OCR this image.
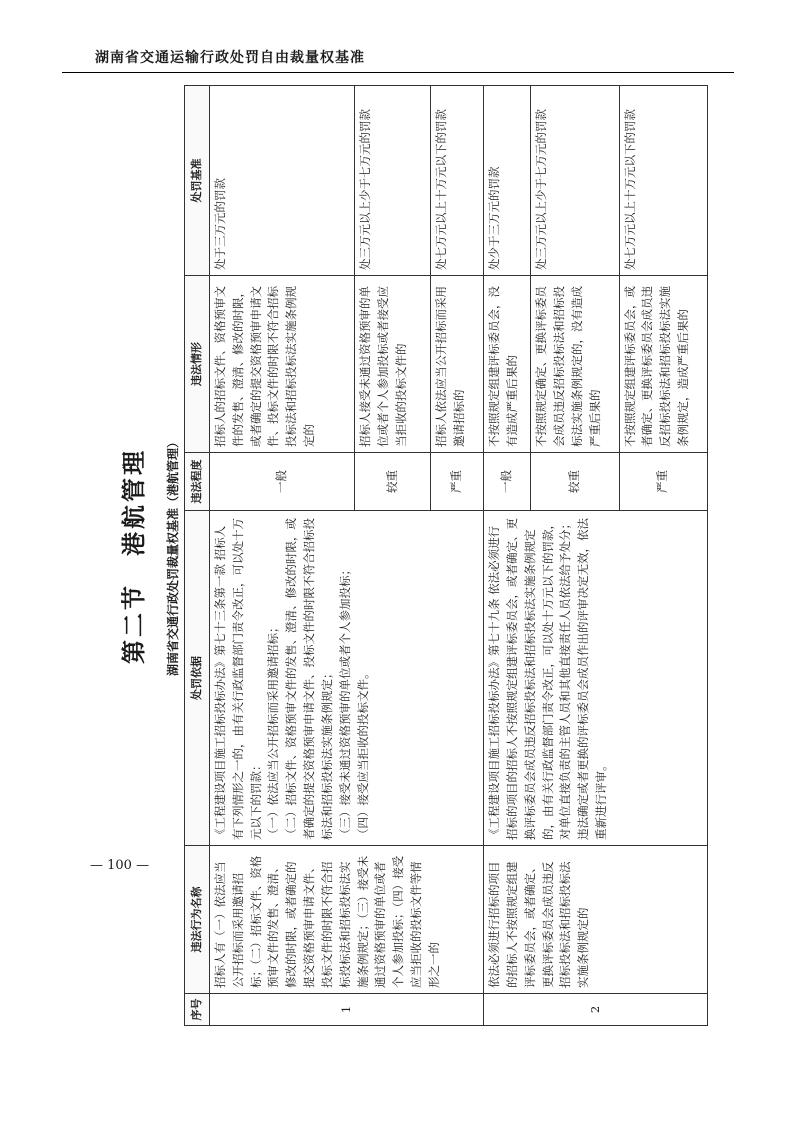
湖南省交通运输行政处罚自由裁量权基准
第二节　港航管理 湖南省交通行政处罚裁量权基准（港航管理）
序号	违法行为名称	处罚依据	违法程度	违法情形	处罚基准
1	招标人有（一）依法应当公开招标而采用邀请招标；（二）招标文件、资格预审文件的发售、澄清、修改的时限，或者确定的提交资格预审申请文件、投标文件的时限不符合招标投标法和招标投标法实施条例规定；（三）接受未通过资格预审的单位或者个人参加投标；（四）接受应当拒收的投标文件等情形之一的	《工程建设项目施工招标投标办法》第七十三条第一款 招标人有下列情形之一的，由有关行政监督部门责令改正，可以处十万元以下的罚款： （一）依法应当公开招标而采用邀请招标； （二）招标文件、资格预审文件的发售、澄清、修改的时限，或者确定的提交资格预审申请文件、投标文件的时限不符合招标投标法和招标投标法实施条例规定； （三）接受未通过资格预审的单位或者个人参加投标； （四）接受应当拒收的投标文件。	一般	招标人的招标文件、资格预审文件的发售、澄清、修改的时限，或者确定的提交资格预审申请文件、投标文件的时限不符合招标投标法和招标投标法实施条例规定的	处于三万元的罚款
			较重	招标人接受未通过资格预审的单位或者个人参加投标或者接受应当拒收的投标文件的	处三万元以上少于七万元的罚款
			严重	招标人依法应当公开招标而采用邀请招标的	处七万元以上十万元以下的罚款
2	依法必须进行招标的项目的招标人不按照规定组建评标委员会，或者确定、更换评标委员会成员违反招标投标法和招标投标法实施条例规定的	《工程建设项目施工招标投标办法》第七十九条 依法必须进行招标的项目的招标人不按照规定组建评标委员会，或者确定、更换评标委员会成员违反招标投标法和招标投标法实施条例规定的，由有关行政监督部门责令改正，可以处十万元以下的罚款，对单位直接负责的主管人员和其他直接责任人员依法给予处分；违法确定或者更换的评标委员会成员作出的评审决定无效，依法重新进行评审。	一般	不按照规定组建评标委员会，没有造成严重后果的	处少于三万元的罚款
			较重	不按照规定确定、更换评标委员会成员违反招标投标法和招标投标法实施条例规定的，没有造成严重后果的	处三万元以上少于七万元的罚款
			严重	不按照规定组建评标委员会，或者确定、更换评标委员会成员违反招标投标法和招标投标法实施条例规定，造成严重后果的	处七万元以上十万元以下的罚款
— 100 —
